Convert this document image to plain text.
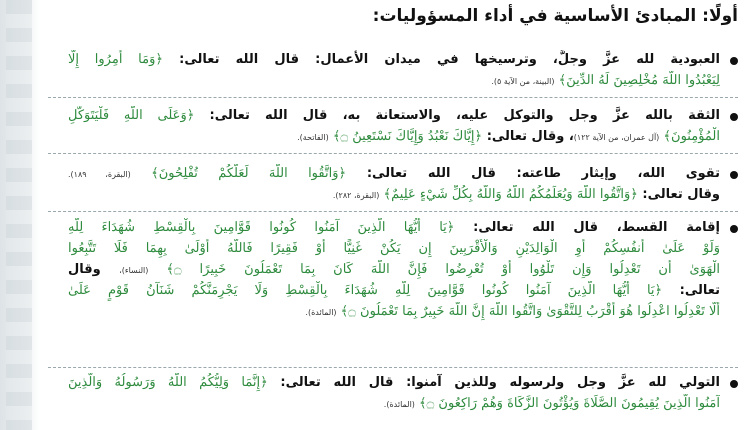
أولًا: المبادئ الأساسية في أداء المسؤوليات:
العبودية لله عزَّ وجلَّ، وترسيخها في ميدان الأعمال: قال الله تعالى: ﴿وَمَا أُمِرُوا إِلَّا
لِيَعْبُدُوا اللَّهَ مُخْلِصِينَ لَهُ الدِّينَ﴾ (البينة، من الآية ٥).
الثقة بالله عزَّ وجل والتوكل عليه، والاستعانة به، قال الله تعالى: ﴿وَعَلَى اللَّهِ فَلْيَتَوَكَّلِ
الْمُؤْمِنُونَ﴾ (آل عمران، من الآية ١٢٢)، وقال تعالى: ﴿إِيَّاكَ نَعْبُدُ وَإِيَّاكَ نَسْتَعِينُ ۝﴾ (الفاتحة).
تقوى الله، وإيثار طاعته: قال الله تعالى: ﴿وَاتَّقُوا اللَّهَ لَعَلَّكُمْ تُفْلِحُونَ﴾ (البقرة، ١٨٩).
وقال تعالى: ﴿وَاتَّقُوا اللَّهَ وَيُعَلِّمُكُمُ اللَّهُ وَاللَّهُ بِكُلِّ شَيْءٍ عَلِيمٌ﴾ (البقرة، ٢٨٢).
إقامة القسط، قال الله تعالى: ﴿يَا أَيُّهَا الَّذِينَ آمَنُوا كُونُوا قَوَّامِينَ بِالْقِسْطِ شُهَدَاءَ لِلَّهِ
وَلَوْ عَلَىٰ أَنفُسِكُمْ أَوِ الْوَالِدَيْنِ وَالْأَقْرَبِينَ إِن يَكُنْ غَنِيًّا أَوْ فَقِيرًا فَاللَّهُ أَوْلَىٰ بِهِمَا فَلَا تَتَّبِعُوا
الْهَوَىٰ أَن تَعْدِلُوا وَإِن تَلْوُوا أَوْ تُعْرِضُوا فَإِنَّ اللَّهَ كَانَ بِمَا تَعْمَلُونَ خَبِيرًا ۝﴾ (النساء)، وقال
تعالى: ﴿يَا أَيُّهَا الَّذِينَ آمَنُوا كُونُوا قَوَّامِينَ لِلَّهِ شُهَدَاءَ بِالْقِسْطِ وَلَا يَجْرِمَنَّكُمْ شَنَآنُ قَوْمٍ عَلَىٰ
أَلَّا تَعْدِلُوا اعْدِلُوا هُوَ أَقْرَبُ لِلتَّقْوَىٰ وَاتَّقُوا اللَّهَ إِنَّ اللَّهَ خَبِيرٌ بِمَا تَعْمَلُونَ ۝﴾ (المائدة).
التولي لله عزَّ وجل ولرسوله وللذين آمنوا: قال الله تعالى: ﴿إِنَّمَا وَلِيُّكُمُ اللَّهُ وَرَسُولُهُ وَالَّذِينَ
آمَنُوا الَّذِينَ يُقِيمُونَ الصَّلَاةَ وَيُؤْتُونَ الزَّكَاةَ وَهُمْ رَاكِعُونَ ۝﴾ (المائدة).
